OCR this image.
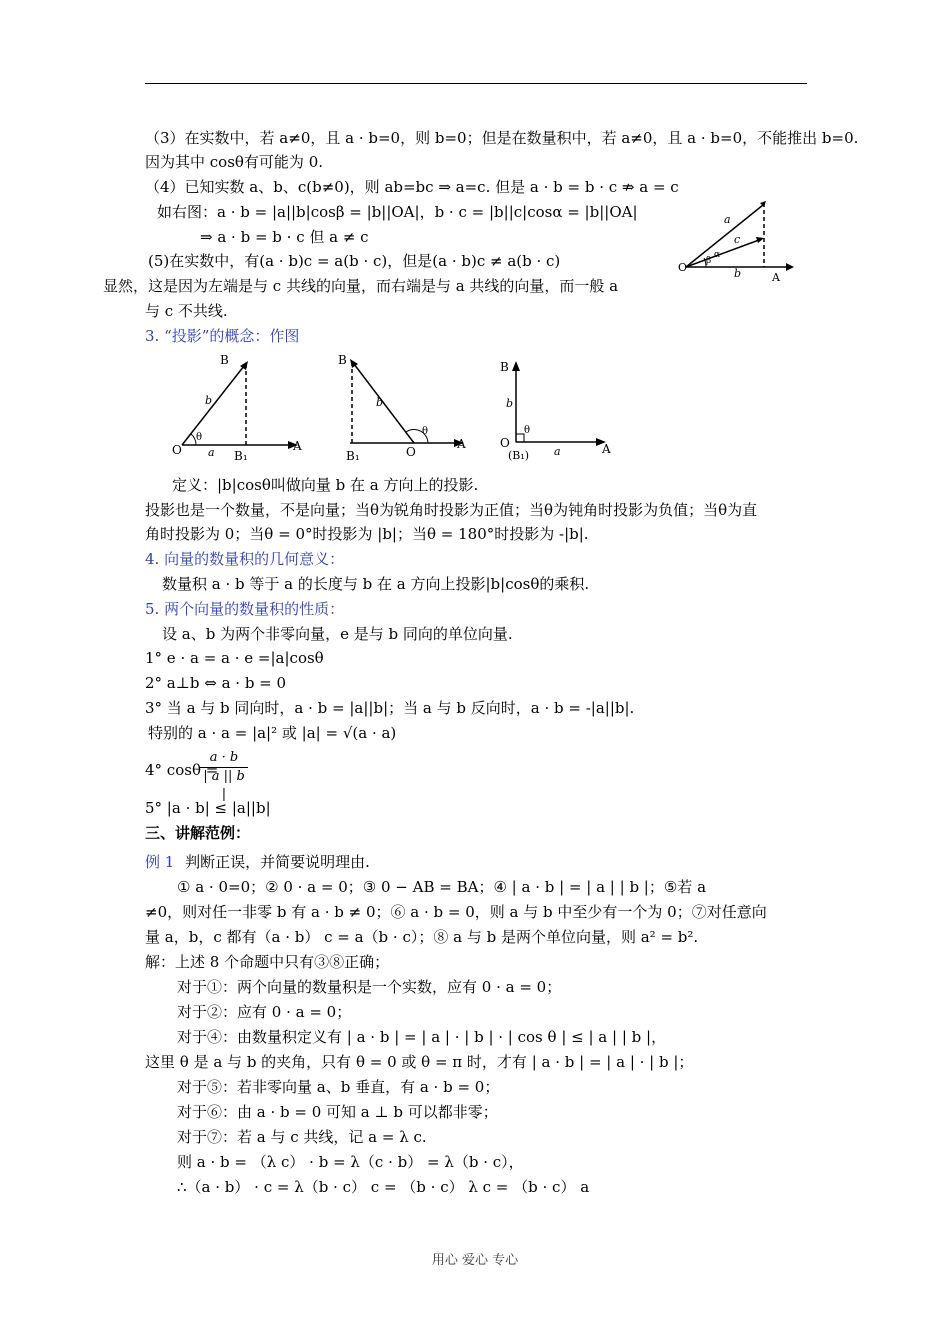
（3）在实数中，若 a≠0，且 a · b=0，则 b=0；但是在数量积中，若 a≠0，且 a · b=0，不能推出 b=0.
因为其中 cosθ有可能为 0.
（4）已知实数 a、b、c(b≠0)，则 ab=bc ⇒ a=c. 但是 a · b = b · c ⇏ a = c
如右图：a · b = |a||b|cosβ = |b||OA|，b · c = |b||c|cosα = |b||OA|
⇒ a · b = b · c 但 a ≠ c
(5)在实数中，有(a · b)c = a(b · c)，但是(a · b)c ≠ a(b · c)
显然，这是因为左端是与 c 共线的向量，而右端是与 a 共线的向量，而一般 a
与 c 不共线.
3. “投影”的概念：作图
a
c
α
β
O	b	A
B
b
θ
O a B₁
A
B
b
θ
B₁	O
A
B
b
θ
O
(B₁) a	A
定义：|b|cosθ叫做向量 b 在 a 方向上的投影.
投影也是一个数量，不是向量；当θ为锐角时投影为正值；当θ为钝角时投影为负值；当θ为直
角时投影为 0；当θ = 0°时投影为 |b|；当θ = 180°时投影为 -|b|.
4. 向量的数量积的几何意义：
数量积 a · b 等于 a 的长度与 b 在 a 方向上投影|b|cosθ的乘积.
5. 两个向量的数量积的性质：
设 a、b 为两个非零向量，e 是与 b 同向的单位向量.
1° e · a = a · e =|a|cosθ
2° a⊥b ⇔ a · b = 0
3° 当 a 与 b 同向时，a · b = |a||b|；当 a 与 b 反向时，a · b = -|a||b|.
特别的 a · a = |a|² 或 |a| = √(a · a)
4° cosθ =
$\frac{a \cdot b}{| a || b |}$
5° |a · b| ≤ |a||b|
三、讲解范例：
例 1 判断正误，并简要说明理由.
① a · 0=0；② 0 · a = 0；③ 0 − AB = BA；④ | a · b | = | a | | b |；⑤若 a
≠0，则对任一非零 b 有 a · b ≠ 0；⑥ a · b = 0，则 a 与 b 中至少有一个为 0；⑦对任意向
量 a，b，c 都有（a · b） c = a（b · c）；⑧ a 与 b 是两个单位向量，则 a² = b².
解：上述 8 个命题中只有③⑧正确；
对于①：两个向量的数量积是一个实数，应有 0 · a = 0；
对于②：应有 0 · a = 0；
对于④：由数量积定义有 | a · b | = | a | · | b | · | cos θ | ≤ | a | | b |，
这里 θ 是 a 与 b 的夹角，只有 θ = 0 或 θ = π 时，才有 | a · b | = | a | · | b |；
对于⑤：若非零向量 a、b 垂直，有 a · b = 0；
对于⑥：由 a · b = 0 可知 a ⊥ b 可以都非零；
对于⑦：若 a 与 c 共线，记 a = λ c.
则 a · b = （λ c） · b = λ（c · b） = λ（b · c），
∴（a · b） · c = λ（b · c） c = （b · c） λ c = （b · c） a
用心 爱心 专心
